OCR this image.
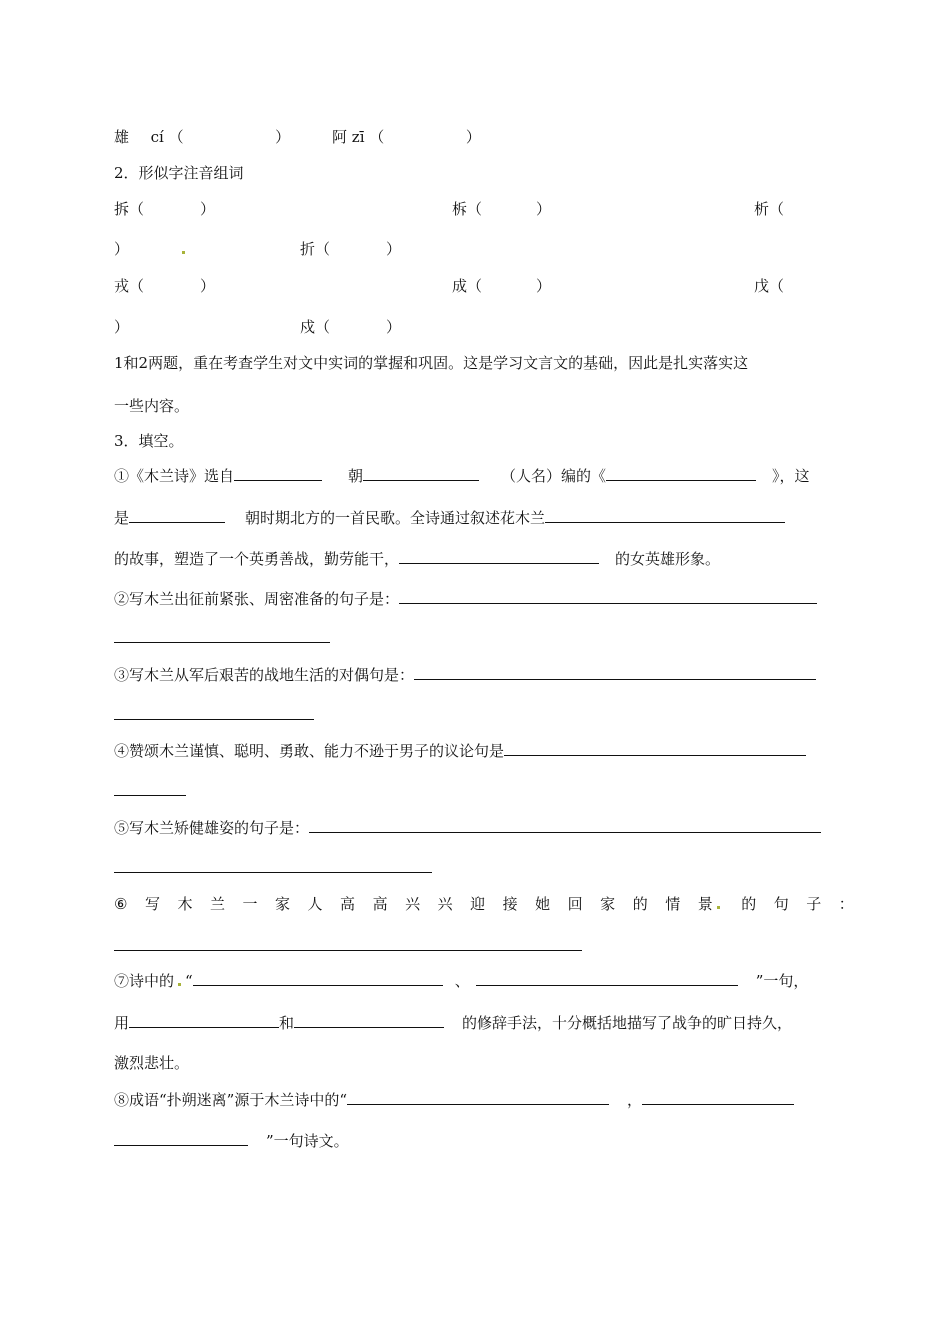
雄 cí （	）	阿 zī （	）
2．形似字注音组词
拆（	）	柝（	）	析（
）	折（	）
戎（	）	成（	）	戊（
）	戍（	）
1和2两题，重在考查学生对文中实词的掌握和巩固。这是学习文言文的基础，因此是扎实落实这
一些内容。
3．填空。
①《木兰诗》选自	朝	（人名）编的《	》，这
是	朝时期北方的一首民歌。全诗通过叙述花木兰
的故事，塑造了一个英勇善战，勤劳能干，	的女英雄形象。
②写木兰出征前紧张、周密准备的句子是：
③写木兰从军后艰苦的战地生活的对偶句是：
④赞颂木兰谨慎、聪明、勇敢、能力不逊于男子的议论句是
⑤写木兰矫健雄姿的句子是：
⑥ 写 木 兰 一 家 人 高 高 兴 兴 迎 接 她 回 家 的 情 景	的 句 子 ：
⑦诗中的 “	、	”一句，
用	和	的修辞手法，十分概括地描写了战争的旷日持久，
激烈悲壮。
⑧成语“扑朔迷离”源于木兰诗中的“	，
”一句诗文。
